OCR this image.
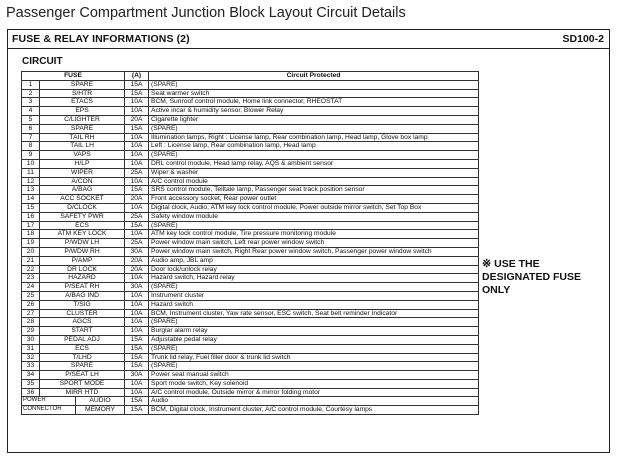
Passenger Compartment Junction Block Layout Circuit Details
FUSE & RELAY INFORMATIONS (2)	SD100-2
CIRCUIT
FUSE			(A)	Circuit Protected
1	SPARE		15A	(SPARE)
2	S/HTR		15A	Seat warmer switch
3	ETACS		10A	BCM, Sunroof control module, Home link connector, RHEOSTAT
4	EPS		10A	Active incar & humidity sensor, Blower Relay
5	C/LIGHTER		20A	Cigarette lighter
6	SPARE		15A	(SPARE)
7	TAIL RH		10A	Illumination lamps, Right : License lamp, Rear combination lamp, Head lamp, Glove box lamp
8	TAIL LH		10A	Left : License lamp, Rear combination lamp, Head lamp
9	VAPS		10A	(SPARE)
10	H/LP		10A	DRL control module, Head lamp relay, AQS & ambient sensor
11	WIPER		25A	Wiper & washer
12	A/CON		10A	A/C control module
13	A/BAG		15A	SRS control module, Telltale lamp, Passenger seat track position sensor
14	ACC SOCKET		20A	Front accessory socket, Rear power outlet
15	D/CLOCK		10A	Digital clock, Audio, ATM key lock control module, Power outside mirror switch, Set Top Box
16	SAFETY PWR		25A	Safety window module
17	ECS		15A	(SPARE)
18	ATM KEY LOCK		10A	ATM key lock control module, Tire pressure monitoring module
19	P/WDW LH		25A	Power window main switch, Left rear power window switch
20	P/WDW RH		30A	Power window main switch, Right Rear power window switch, Passenger power window switch
21	P/AMP		20A	Audio amp, JBL amp
22	DR LOCK		20A	Door lock/unlock relay
23	HAZARD		10A	Hazard switch, Hazard relay
24	P/SEAT RH		30A	(SPARE)
25	A/BAG IND		10A	Instrument cluster
26	T/SIG		10A	Hazard switch
27	CLUSTER		10A	BCM, Instrument cluster, Yaw rate sensor, ESC switch, Seat belt reminder Indicator
28	AGCS		10A	(SPARE)
29	START		10A	Burglar alarm relay
30	PEDAL ADJ		15A	Adjustable pedal relay
31	ECS		15A	(SPARE)
32	T/LHD		15A	Trunk lid relay, Fuel filler door & trunk lid switch
33	SPARE		15A	(SPARE)
34	P/SEAT LH		30A	Power seat manual switch
35	SPORT MODE		10A	Sport mode switch, Key solenoid
36	MIRR HTD		10A	A/C control module, Outside mirror & mirror folding motor
POWER		AUDIO	15A	Audio
CONNECTOR		MEMORY	15A	BCM, Digital clock, Instrument cluster, A/C control module, Courtesy lamps
※ USE THE
DESIGNATED FUSE
ONLY
